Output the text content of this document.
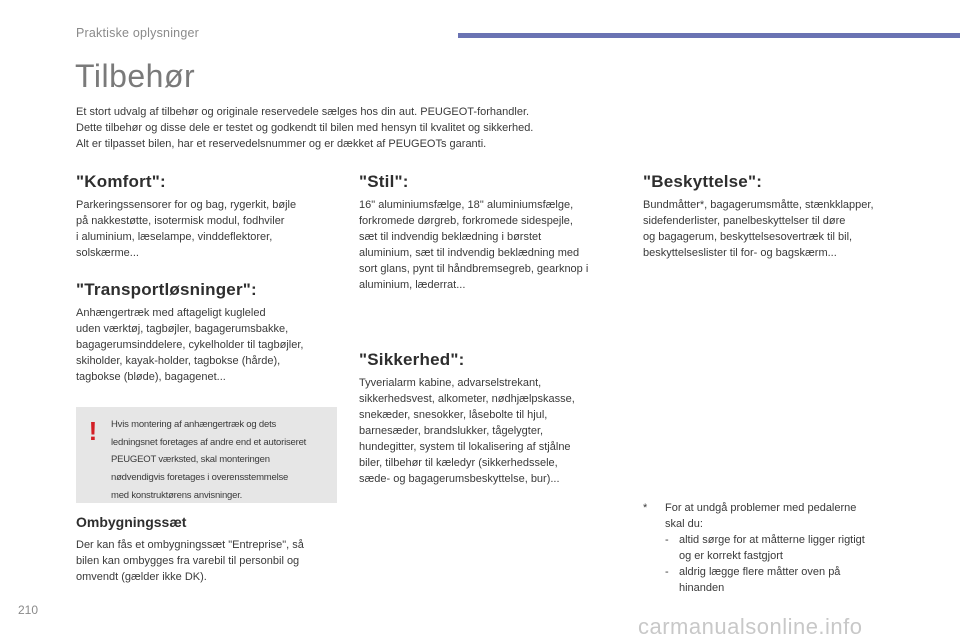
Praktiske oplysninger
Tilbehør

Et stort udvalg af tilbehør og originale reservedele sælges hos din aut. PEUGEOT-forhandler.

Dette tilbehør og disse dele er testet og godkendt til bilen med hensyn til kvalitet og sikkerhed.

Alt er tilpasset bilen, har et reservedelsnummer og er dækket af PEUGEOTs garanti.

"Komfort":
Parkeringssensorer for og bag, rygerkit, bøjle
på nakkestøtte, isotermisk modul, fodhviler
i aluminium, læselampe, vinddeflektorer,
solskærme...
"Transportløsninger":
Anhængertræk med aftageligt kugleled
uden værktøj, tagbøjler, bagagerumsbakke,
bagagerumsinddelere, cykelholder til tagbøjler,
skiholder, kayak-holder, tagbokse (hårde),
tagbokse (bløde), bagagenet...
!	Hvis montering af anhængertræk og dets
ledningsnet foretages af andre end et autoriseret
PEUGEOT værksted, skal monteringen
nødvendigvis foretages i overensstemmelse
med konstruktørens anvisninger.
Ombygningssæt
Der kan fås et ombygningssæt "Entreprise", så
bilen kan ombygges fra varebil til personbil og
omvendt (gælder ikke DK).
"Stil":
16" aluminiumsfælge, 18'' aluminiumsfælge,
forkromede dørgreb, forkromede sidespejle,
sæt til indvendig beklædning i børstet
aluminium, sæt til indvendig beklædning med
sort glans, pynt til håndbremsegreb, gearknop i
aluminium, læderrat...
"Sikkerhed":
Tyverialarm kabine, advarselstrekant,
sikkerhedsvest, alkometer, nødhjælpskasse,
snekæder, snesokker, låsebolte til hjul,
barnesæder, brandslukker, tågelygter,
hundegitter, system til lokalisering af stjålne
biler, tilbehør til kæledyr (sikkerhedssele,
sæde- og bagagerumsbeskyttelse, bur)...
"Beskyttelse":
Bundmåtter*, bagagerumsmåtte, stænkklapper,
sidefenderlister, panelbeskyttelser til døre
og bagagerum, beskyttelsesovertræk til bil,
beskyttelseslister til for- og bagskærm...
* For at undgå problemer med pedalerne
skal du:
- altid sørge for at måtterne ligger rigtigt
og er korrekt fastgjort
- aldrig lægge flere måtter oven på
hinanden
210
carmanualsonline.info
